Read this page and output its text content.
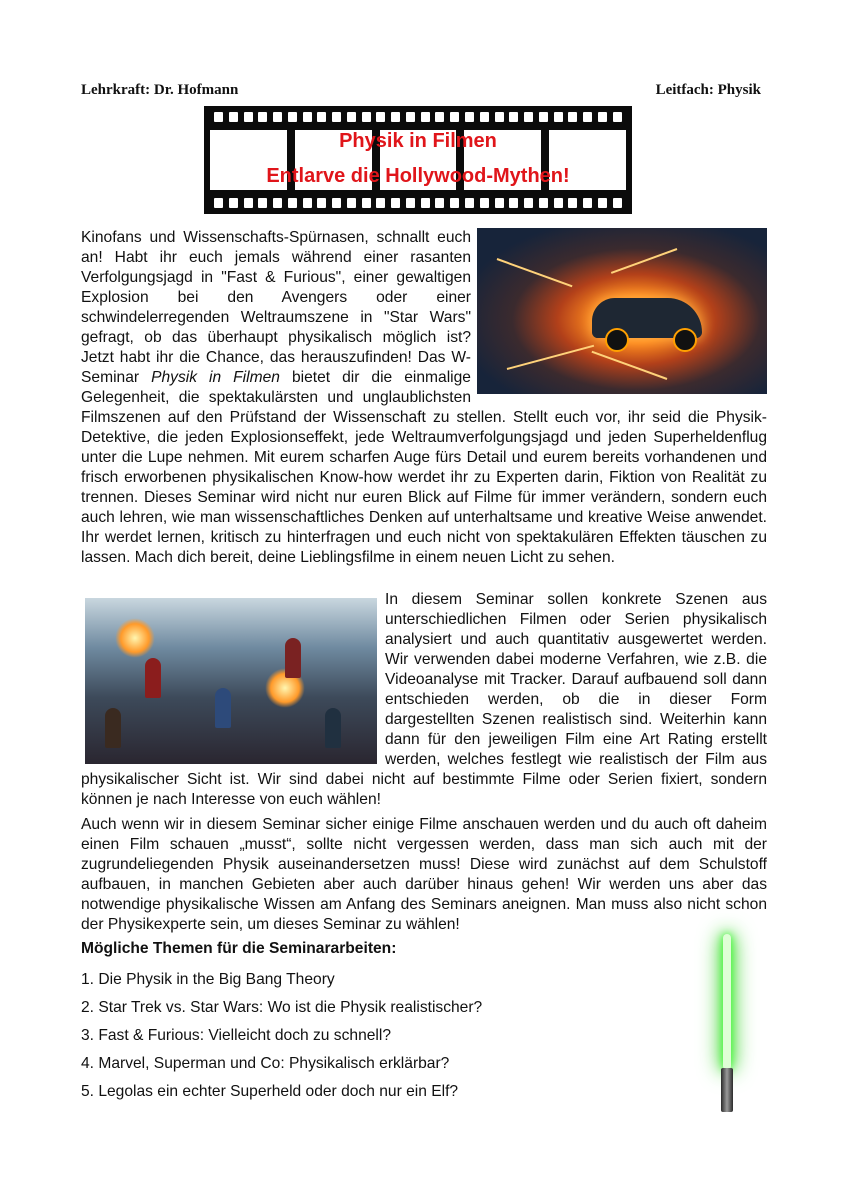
Lehrkraft: Dr. Hofmann	Leitfach: Physik
Physik in Filmen
Entlarve die Hollywood-Mythen!

Kinofans und Wissenschafts-Spürnasen, schnallt euch an! Habt ihr euch jemals während einer rasanten Verfolgungsjagd in "Fast & Furious", einer gewaltigen Explosion bei den Avengers oder einer schwindelerregenden Weltraumszene in "Star Wars" gefragt, ob das überhaupt physikalisch möglich ist? Jetzt habt ihr die Chance, das herauszufinden! Das W-Seminar Physik in Filmen bietet dir die einmalige Gelegenheit, die spektakulärsten und unglaublichsten Filmszenen auf den Prüfstand der Wissenschaft zu stellen. Stellt euch vor, ihr seid die Physik-Detektive, die jeden Explosionseffekt, jede Weltraumverfolgungsjagd und jeden Superheldenflug unter die Lupe nehmen. Mit eurem scharfen Auge fürs Detail und eurem bereits vorhandenen und frisch erworbenen physikalischen Know-how werdet ihr zu Experten darin, Fiktion von Realität zu trennen. Dieses Seminar wird nicht nur euren Blick auf Filme für immer verändern, sondern euch auch lehren, wie man wissenschaftliches Denken auf unterhaltsame und kreative Weise anwendet. Ihr werdet lernen, kritisch zu hinterfragen und euch nicht von spektakulären Effekten täuschen zu lassen. Mach dich bereit, deine Lieblingsfilme in einem neuen Licht zu sehen.

In diesem Seminar sollen konkrete Szenen aus unterschiedlichen Filmen oder Serien physikalisch analysiert und auch quantitativ ausgewertet werden. Wir verwenden dabei moderne Verfahren, wie z.B. die Videoanalyse mit Tracker. Darauf aufbauend soll dann entschieden werden, ob die in dieser Form dargestellten Szenen realistisch sind. Weiterhin kann dann für den jeweiligen Film eine Art Rating erstellt werden, welches festlegt wie realistisch der Film aus physikalischer Sicht ist. Wir sind dabei nicht auf bestimmte Filme oder Serien fixiert, sondern können je nach Interesse von euch wählen!

Auch wenn wir in diesem Seminar sicher einige Filme anschauen werden und du auch oft daheim einen Film schauen „musst“, sollte nicht vergessen werden, dass man sich auch mit der zugrundeliegenden Physik auseinandersetzen muss! Diese wird zunächst auf dem Schulstoff aufbauen, in manchen Gebieten aber auch darüber hinaus gehen! Wir werden uns aber das notwendige physikalische Wissen am Anfang des Seminars aneignen. Man muss also nicht schon der Physikexperte sein, um dieses Seminar zu wählen!

Mögliche Themen für die Seminararbeiten:
1. Die Physik in the Big Bang Theory
2. Star Trek vs. Star Wars: Wo ist die Physik realistischer?
3. Fast & Furious: Vielleicht doch zu schnell?
4. Marvel, Superman und Co: Physikalisch erklärbar?
5. Legolas ein echter Superheld oder doch nur ein Elf?
